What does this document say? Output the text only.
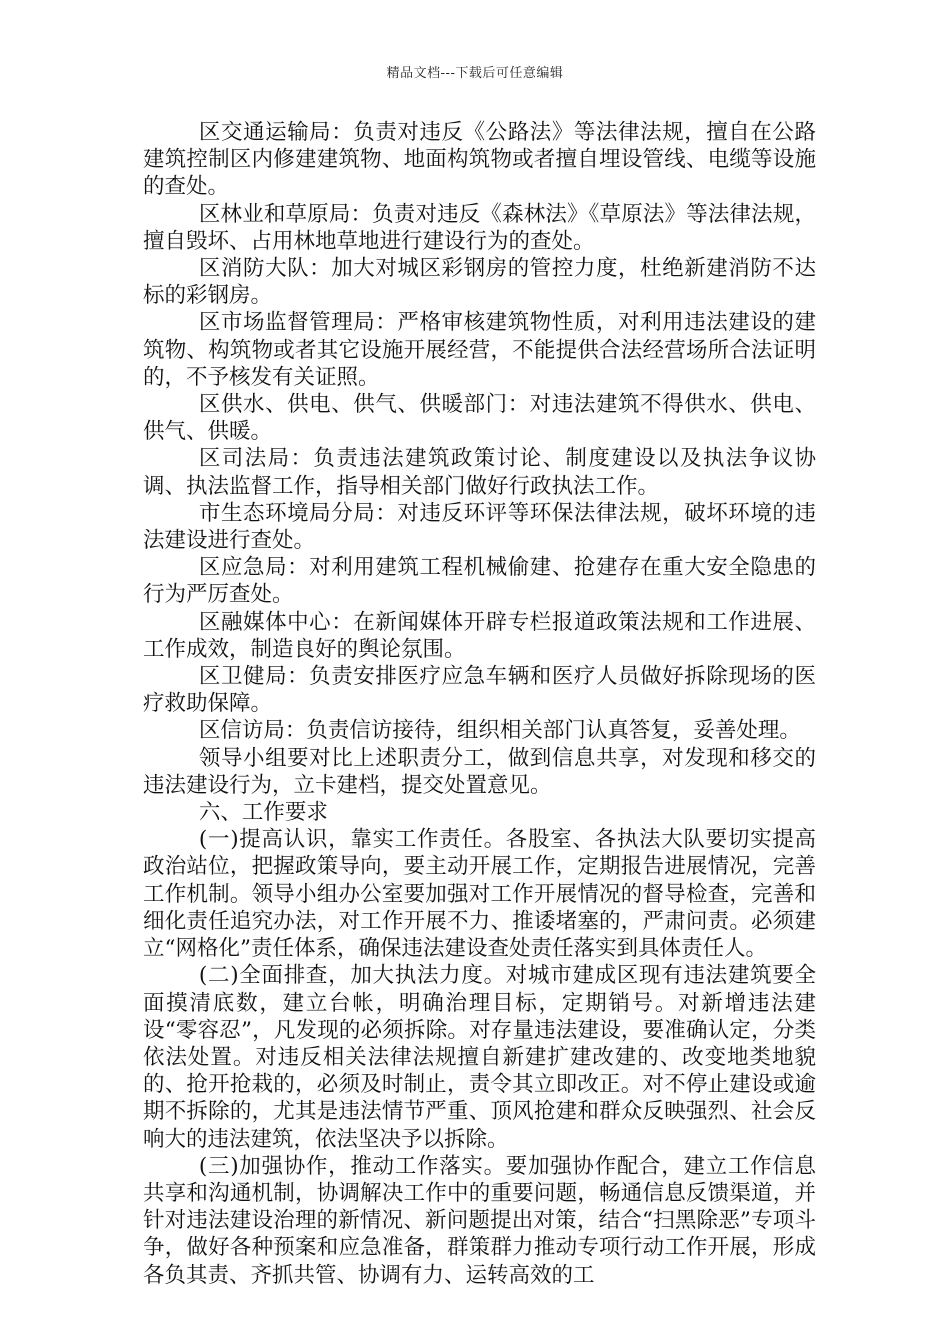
精品文档---下载后可任意编辑

区交通运输局：负责对违反《公路法》等法律法规，擅自在公路建筑控制区内修建建筑物、地面构筑物或者擅自埋设管线、电缆等设施的查处。

区林业和草原局：负责对违反《森林法》《草原法》等法律法规，擅自毁坏、占用林地草地进行建设行为的查处。

区消防大队：加大对城区彩钢房的管控力度，杜绝新建消防不达标的彩钢房。

区市场监督管理局：严格审核建筑物性质，对利用违法建设的建筑物、构筑物或者其它设施开展经营，不能提供合法经营场所合法证明的，不予核发有关证照。

区供水、供电、供气、供暖部门：对违法建筑不得供水、供电、供气、供暖。

区司法局：负责违法建筑政策讨论、制度建设以及执法争议协调、执法监督工作，指导相关部门做好行政执法工作。

市生态环境局分局：对违反环评等环保法律法规，破坏环境的违法建设进行查处。

区应急局：对利用建筑工程机械偷建、抢建存在重大安全隐患的行为严厉查处。

区融媒体中心：在新闻媒体开辟专栏报道政策法规和工作进展、工作成效，制造良好的舆论氛围。

区卫健局：负责安排医疗应急车辆和医疗人员做好拆除现场的医疗救助保障。

区信访局：负责信访接待，组织相关部门认真答复，妥善处理。

领导小组要对比上述职责分工，做到信息共享，对发现和移交的违法建设行为，立卡建档，提交处置意见。

六、工作要求

(一)提高认识，靠实工作责任。各股室、各执法大队要切实提高政治站位，把握政策导向，要主动开展工作，定期报告进展情况，完善工作机制。领导小组办公室要加强对工作开展情况的督导检查，完善和细化责任追究办法，对工作开展不力、推诿堵塞的，严肃问责。必须建立“网格化”责任体系，确保违法建设查处责任落实到具体责任人。

(二)全面排查，加大执法力度。对城市建成区现有违法建筑要全面摸清底数，建立台帐，明确治理目标，定期销号。对新增违法建设“零容忍”，凡发现的必须拆除。对存量违法建设，要准确认定，分类依法处置。对违反相关法律法规擅自新建扩建改建的、改变地类地貌的、抢开抢栽的，必须及时制止，责令其立即改正。对不停止建设或逾期不拆除的，尤其是违法情节严重、顶风抢建和群众反映强烈、社会反响大的违法建筑，依法坚决予以拆除。

(三)加强协作，推动工作落实。要加强协作配合，建立工作信息共享和沟通机制，协调解决工作中的重要问题，畅通信息反馈渠道，并针对违法建设治理的新情况、新问题提出对策，结合“扫黑除恶”专项斗争，做好各种预案和应急准备，群策群力推动专项行动工作开展，形成各负其责、齐抓共管、协调有力、运转高效的工
